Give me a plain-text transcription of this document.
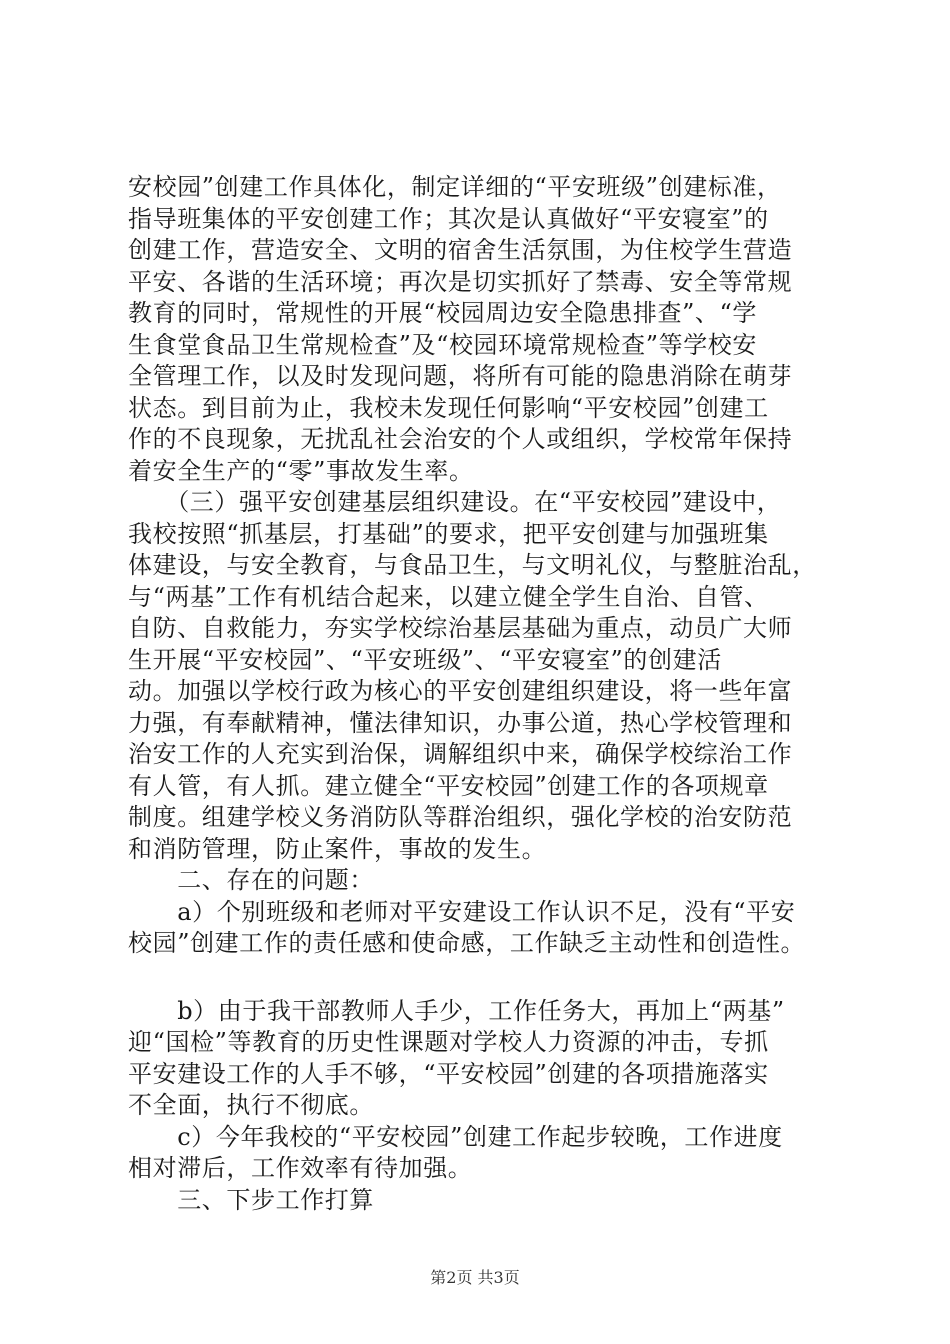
安校园”创建工作具体化，制定详细的“平安班级”创建标准，
指导班集体的平安创建工作；其次是认真做好“平安寝室”的
创建工作，营造安全、文明的宿舍生活氛围，为住校学生营造
平安、各谐的生活环境；再次是切实抓好了禁毒、安全等常规
教育的同时，常规性的开展“校园周边安全隐患排查”、“学
生食堂食品卫生常规检查”及“校园环境常规检查”等学校安
全管理工作，以及时发现问题，将所有可能的隐患消除在萌芽
状态。到目前为止，我校未发现任何影响“平安校园”创建工
作的不良现象，无扰乱社会治安的个人或组织，学校常年保持
着安全生产的“零”事故发生率。
　　（三）强平安创建基层组织建设。在“平安校园”建设中，
我校按照“抓基层，打基础”的要求，把平安创建与加强班集
体建设，与安全教育，与食品卫生，与文明礼仪，与整脏治乱，
与“两基”工作有机结合起来，以建立健全学生自治、自管、
自防、自救能力，夯实学校综治基层基础为重点，动员广大师
生开展“平安校园”、“平安班级”、“平安寝室”的创建活
动。加强以学校行政为核心的平安创建组织建设，将一些年富
力强，有奉献精神，懂法律知识，办事公道，热心学校管理和
治安工作的人充实到治保，调解组织中来，确保学校综治工作
有人管，有人抓。建立健全“平安校园”创建工作的各项规章
制度。组建学校义务消防队等群治组织，强化学校的治安防范
和消防管理，防止案件，事故的发生。
　　二、存在的问题：
　　a）个别班级和老师对平安建设工作认识不足，没有“平安
校园”创建工作的责任感和使命感，工作缺乏主动性和创造性。
　　b）由于我干部教师人手少，工作任务大，再加上“两基”
迎“国检”等教育的历史性课题对学校人力资源的冲击，专抓
平安建设工作的人手不够，“平安校园”创建的各项措施落实
不全面，执行不彻底。
　　c）今年我校的“平安校园”创建工作起步较晚，工作进度
相对滞后，工作效率有待加强。
　　三、下步工作打算
第2页 共3页
